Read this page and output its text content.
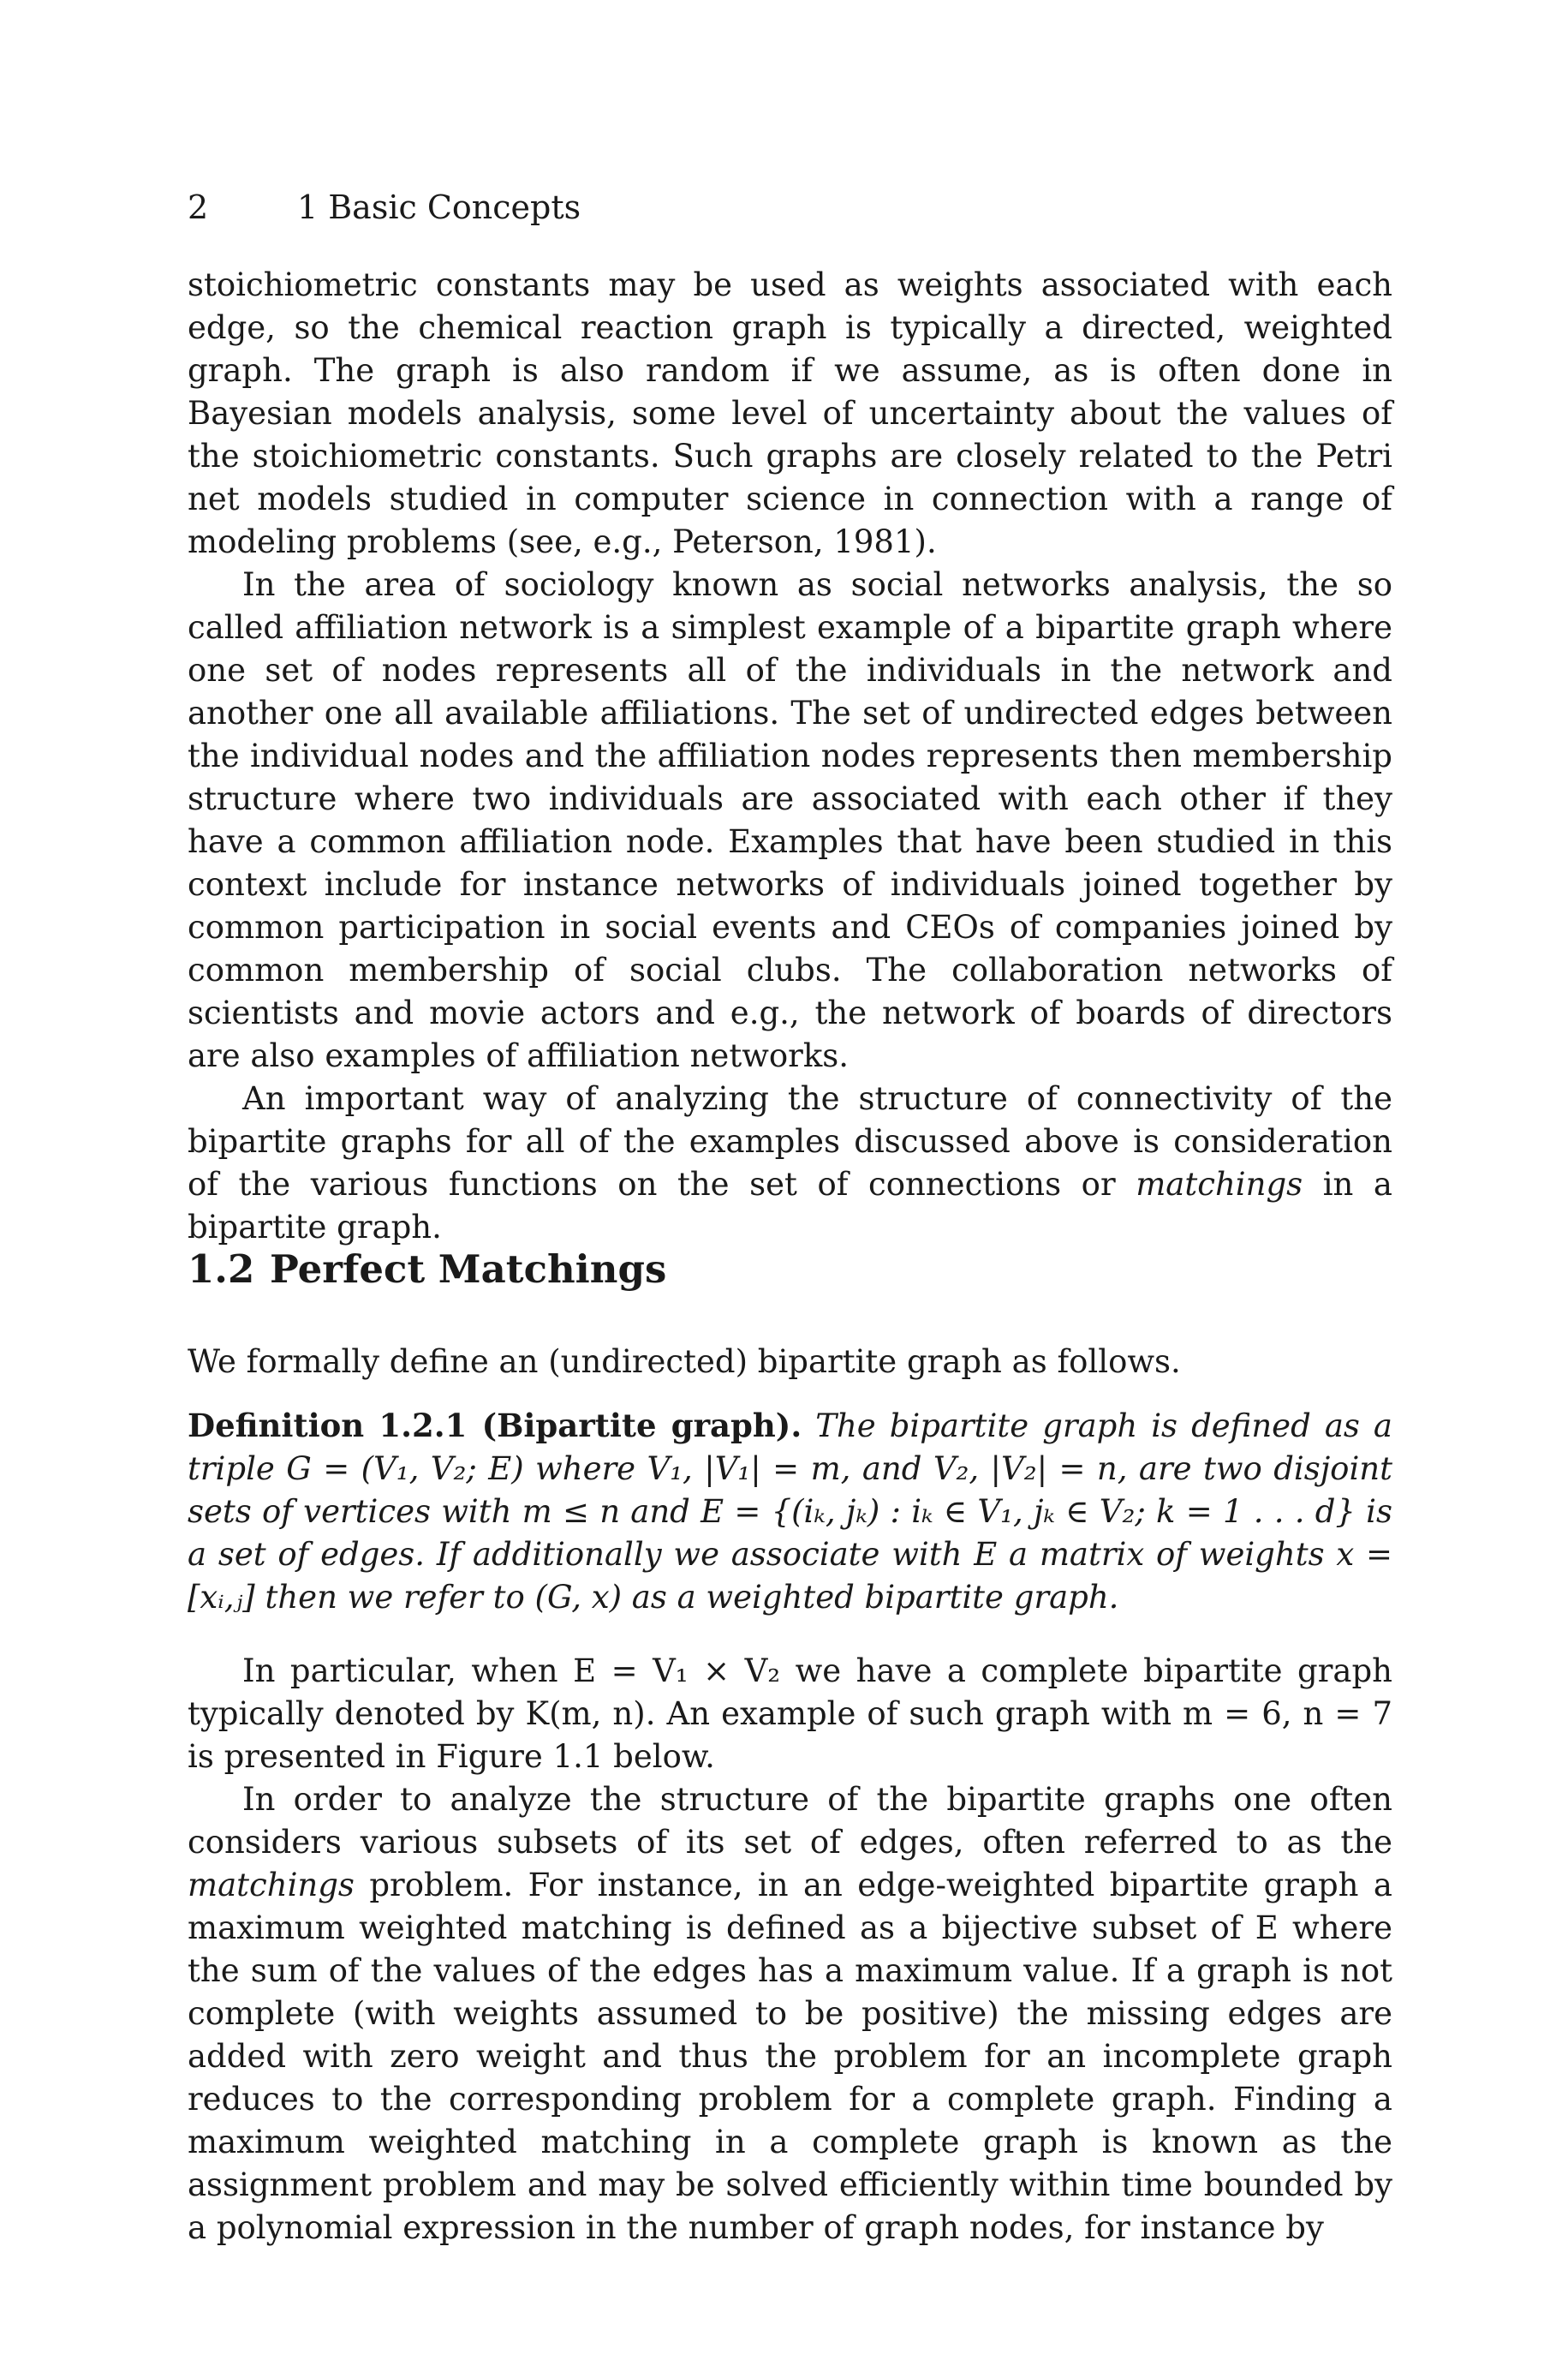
2	1 Basic Concepts

stoichiometric constants may be used as weights associated with each edge, so the chemical reaction graph is typically a directed, weighted graph. The graph is also random if we assume, as is often done in Bayesian models analysis, some level of uncertainty about the values of the stoichiometric constants. Such graphs are closely related to the Petri net models studied in computer science in connection with a range of modeling problems (see, e.g., Peterson, 1981).

In the area of sociology known as social networks analysis, the so called affiliation network is a simplest example of a bipartite graph where one set of nodes represents all of the individuals in the network and another one all available affiliations. The set of undirected edges between the individual nodes and the affiliation nodes represents then membership structure where two individuals are associated with each other if they have a common affiliation node. Examples that have been studied in this context include for instance networks of individuals joined together by common participation in social events and CEOs of companies joined by common membership of social clubs. The collaboration networks of scientists and movie actors and e.g., the network of boards of directors are also examples of affiliation networks.

An important way of analyzing the structure of connectivity of the bipartite graphs for all of the examples discussed above is consideration of the various functions on the set of connections or matchings in a bipartite graph.

1.2 Perfect Matchings

We formally define an (undirected) bipartite graph as follows.

Definition 1.2.1 (Bipartite graph). The bipartite graph is defined as a triple G = (V₁, V₂; E) where V₁, |V₁| = m, and V₂, |V₂| = n, are two disjoint sets of vertices with m ≤ n and E = {(iₖ, jₖ) : iₖ ∈ V₁, jₖ ∈ V₂; k = 1 . . . d} is a set of edges. If additionally we associate with E a matrix of weights x = [xᵢ,ⱼ] then we refer to (G, x) as a weighted bipartite graph.

In particular, when E = V₁ × V₂ we have a complete bipartite graph typically denoted by K(m, n). An example of such graph with m = 6, n = 7 is presented in Figure 1.1 below.

In order to analyze the structure of the bipartite graphs one often considers various subsets of its set of edges, often referred to as the matchings problem. For instance, in an edge-weighted bipartite graph a maximum weighted matching is defined as a bijective subset of E where the sum of the values of the edges has a maximum value. If a graph is not complete (with weights assumed to be positive) the missing edges are added with zero weight and thus the problem for an incomplete graph reduces to the corresponding problem for a complete graph. Finding a maximum weighted matching in a complete graph is known as the assignment problem and may be solved efficiently within time bounded by a polynomial expression in the number of graph nodes, for instance by
